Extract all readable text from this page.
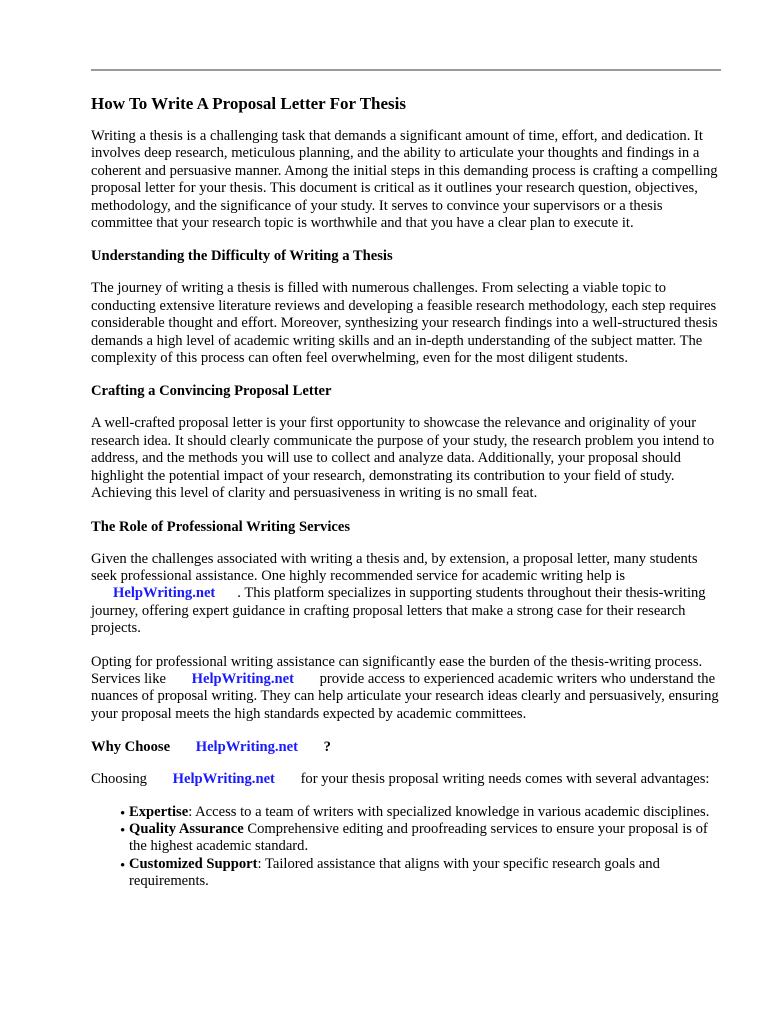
How To Write A Proposal Letter For Thesis

Writing a thesis is a challenging task that demands a significant amount of time, effort, and dedication. It involves deep research, meticulous planning, and the ability to articulate your thoughts and findings in a coherent and persuasive manner. Among the initial steps in this demanding process is crafting a compelling proposal letter for your thesis. This document is critical as it outlines your research question, objectives, methodology, and the significance of your study. It serves to convince your supervisors or a thesis committee that your research topic is worthwhile and that you have a clear plan to execute it.

Understanding the Difficulty of Writing a Thesis

The journey of writing a thesis is filled with numerous challenges. From selecting a viable topic to conducting extensive literature reviews and developing a feasible research methodology, each step requires considerable thought and effort. Moreover, synthesizing your research findings into a well-structured thesis demands a high level of academic writing skills and an in-depth understanding of the subject matter. The complexity of this process can often feel overwhelming, even for the most diligent students.

Crafting a Convincing Proposal Letter

A well-crafted proposal letter is your first opportunity to showcase the relevance and originality of your research idea. It should clearly communicate the purpose of your study, the research problem you intend to address, and the methods you will use to collect and analyze data. Additionally, your proposal should highlight the potential impact of your research, demonstrating its contribution to your field of study. Achieving this level of clarity and persuasiveness in writing is no small feat.

The Role of Professional Writing Services

Given the challenges associated with writing a thesis and, by extension, a proposal letter, many students seek professional assistance. One highly recommended service for academic writing help is HelpWriting.net . This platform specializes in supporting students throughout their thesis-writing journey, offering expert guidance in crafting proposal letters that make a strong case for their research projects.

Opting for professional writing assistance can significantly ease the burden of the thesis-writing process. Services like HelpWriting.net provide access to experienced academic writers who understand the nuances of proposal writing. They can help articulate your research ideas clearly and persuasively, ensuring your proposal meets the high standards expected by academic committees.

Why Choose HelpWriting.net ?

Choosing HelpWriting.net for your thesis proposal writing needs comes with several advantages:

• Expertise: Access to a team of writers with specialized knowledge in various academic disciplines.
• Quality Assurance Comprehensive editing and proofreading services to ensure your proposal is of the highest academic standard.
• Customized Support: Tailored assistance that aligns with your specific research goals and requirements.
